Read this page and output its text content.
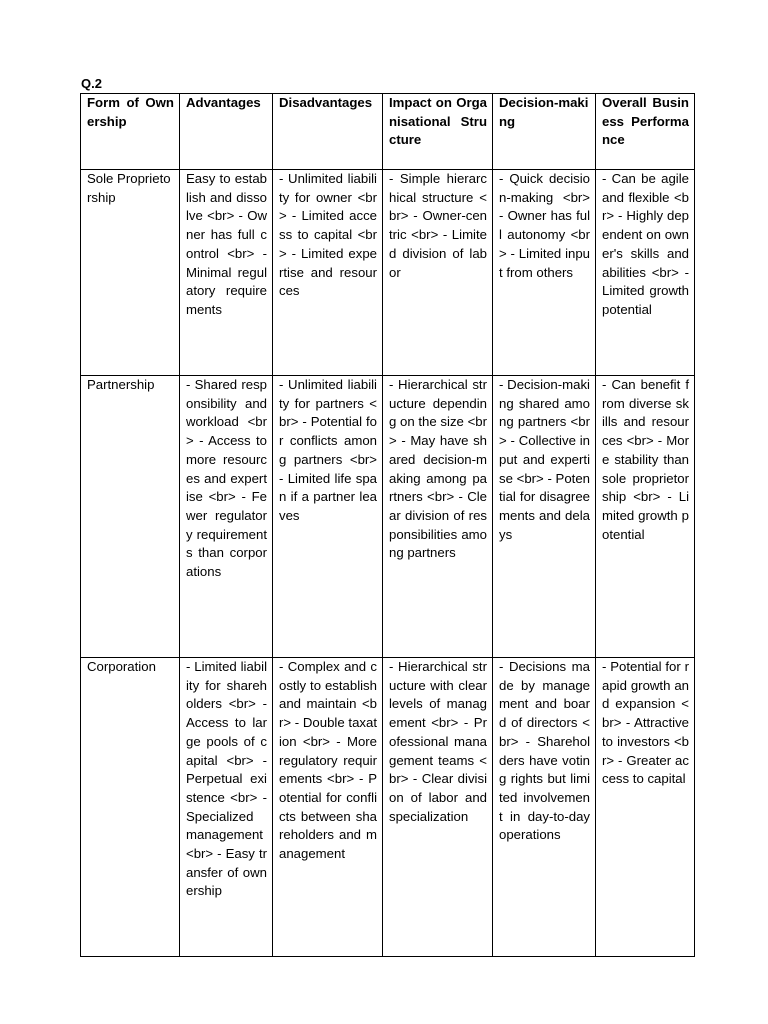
Q.2
Form of Ownership	Advantages	Disadvantages	Impact on Organisational Structure	Decision-making	Overall Business Performance
Sole Proprietorship	Easy to establish and dissolve <br> - Owner has full control <br> - Minimal regulatory requirements	- Unlimited liability for owner <br> - Limited access to capital <br> - Limited expertise and resources	- Simple hierarchical structure <br> - Owner-centric <br> - Limited division of labor	- Quick decision-making <br> - Owner has full autonomy <br> - Limited input from others	- Can be agile and flexible <br> - Highly dependent on owner's skills and abilities <br> - Limited growth potential
Partnership	- Shared responsibility and workload <br> - Access to more resources and expertise <br> - Fewer regulatory requirements than corporations	- Unlimited liability for partners <br> - Potential for conflicts among partners <br> - Limited life span if a partner leaves	- Hierarchical structure depending on the size <br> - May have shared decision-making among partners <br> - Clear division of responsibilities among partners	- Decision-making shared among partners <br> - Collective input and expertise <br> - Potential for disagreements and delays	- Can benefit from diverse skills and resources <br> - More stability than sole proprietorship <br> - Limited growth potential
Corporation	- Limited liability for shareholders <br> - Access to large pools of capital <br> - Perpetual existence <br> - Specialized management <br> - Easy transfer of ownership	- Complex and costly to establish and maintain <br> - Double taxation <br> - More regulatory requirements <br> - Potential for conflicts between shareholders and management	- Hierarchical structure with clear levels of management <br> - Professional management teams <br> - Clear division of labor and specialization	- Decisions made by management and board of directors <br> - Shareholders have voting rights but limited involvement in day-to-day operations	- Potential for rapid growth and expansion <br> - Attractive to investors <br> - Greater access to capital
